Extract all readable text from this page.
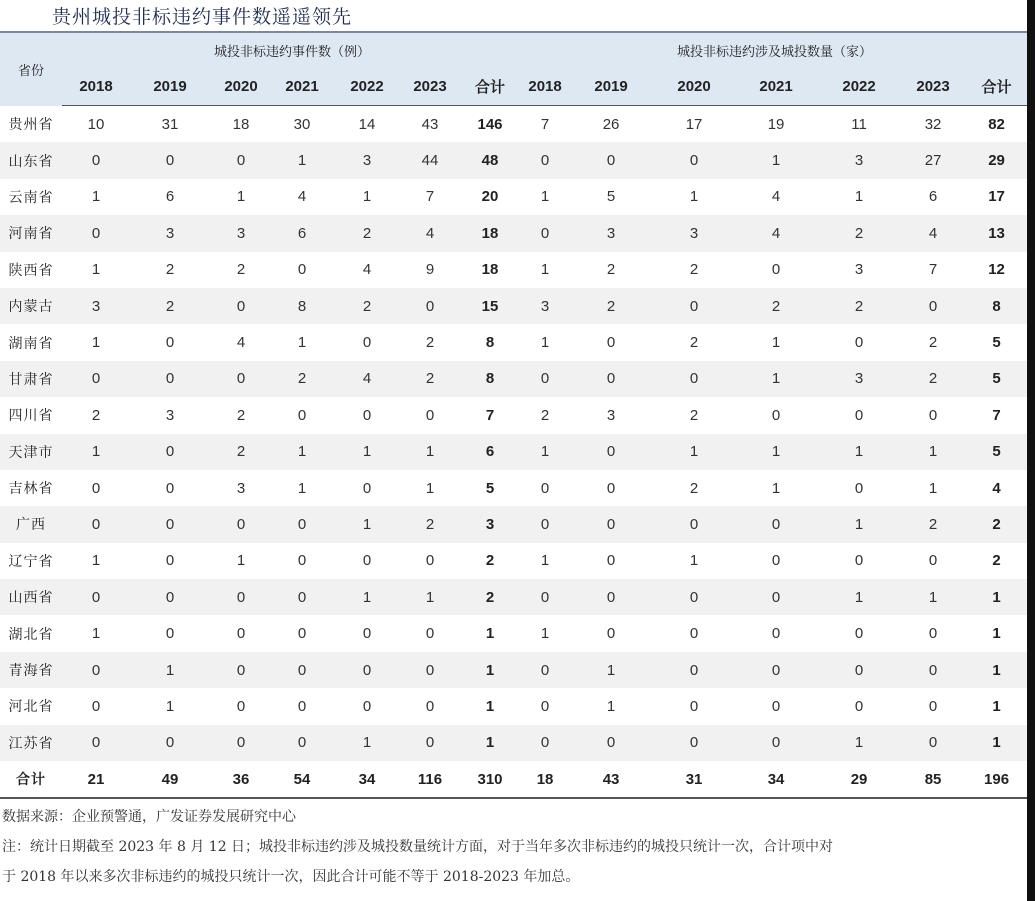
贵州城投非标违约事件数遥遥领先
省份	城投非标违约事件数（例）							城投非标违约涉及城投数量（家）						
	2018	2019	2020	2021	2022	2023	合计	2018	2019	2020	2021	2022	2023	合计
贵州省	10	31	18	30	14	43	146	7	26	17	19	11	32	82
山东省	0	0	0	1	3	44	48	0	0	0	1	3	27	29
云南省	1	6	1	4	1	7	20	1	5	1	4	1	6	17
河南省	0	3	3	6	2	4	18	0	3	3	4	2	4	13
陕西省	1	2	2	0	4	9	18	1	2	2	0	3	7	12
内蒙古	3	2	0	8	2	0	15	3	2	0	2	2	0	8
湖南省	1	0	4	1	0	2	8	1	0	2	1	0	2	5
甘肃省	0	0	0	2	4	2	8	0	0	0	1	3	2	5
四川省	2	3	2	0	0	0	7	2	3	2	0	0	0	7
天津市	1	0	2	1	1	1	6	1	0	1	1	1	1	5
吉林省	0	0	3	1	0	1	5	0	0	2	1	0	1	4
广西	0	0	0	0	1	2	3	0	0	0	0	1	2	2
辽宁省	1	0	1	0	0	0	2	1	0	1	0	0	0	2
山西省	0	0	0	0	1	1	2	0	0	0	0	1	1	1
湖北省	1	0	0	0	0	0	1	1	0	0	0	0	0	1
青海省	0	1	0	0	0	0	1	0	1	0	0	0	0	1
河北省	0	1	0	0	0	0	1	0	1	0	0	0	0	1
江苏省	0	0	0	0	1	0	1	0	0	0	0	1	0	1
合计	21	49	36	54	34	116	310	18	43	31	34	29	85	196
数据来源：企业预警通，广发证券发展研究中心
注：统计日期截至 2023 年 8 月 12 日；城投非标违约涉及城投数量统计方面，对于当年多次非标违约的城投只统计一次，合计项中对
于 2018 年以来多次非标违约的城投只统计一次，因此合计可能不等于 2018-2023 年加总。
